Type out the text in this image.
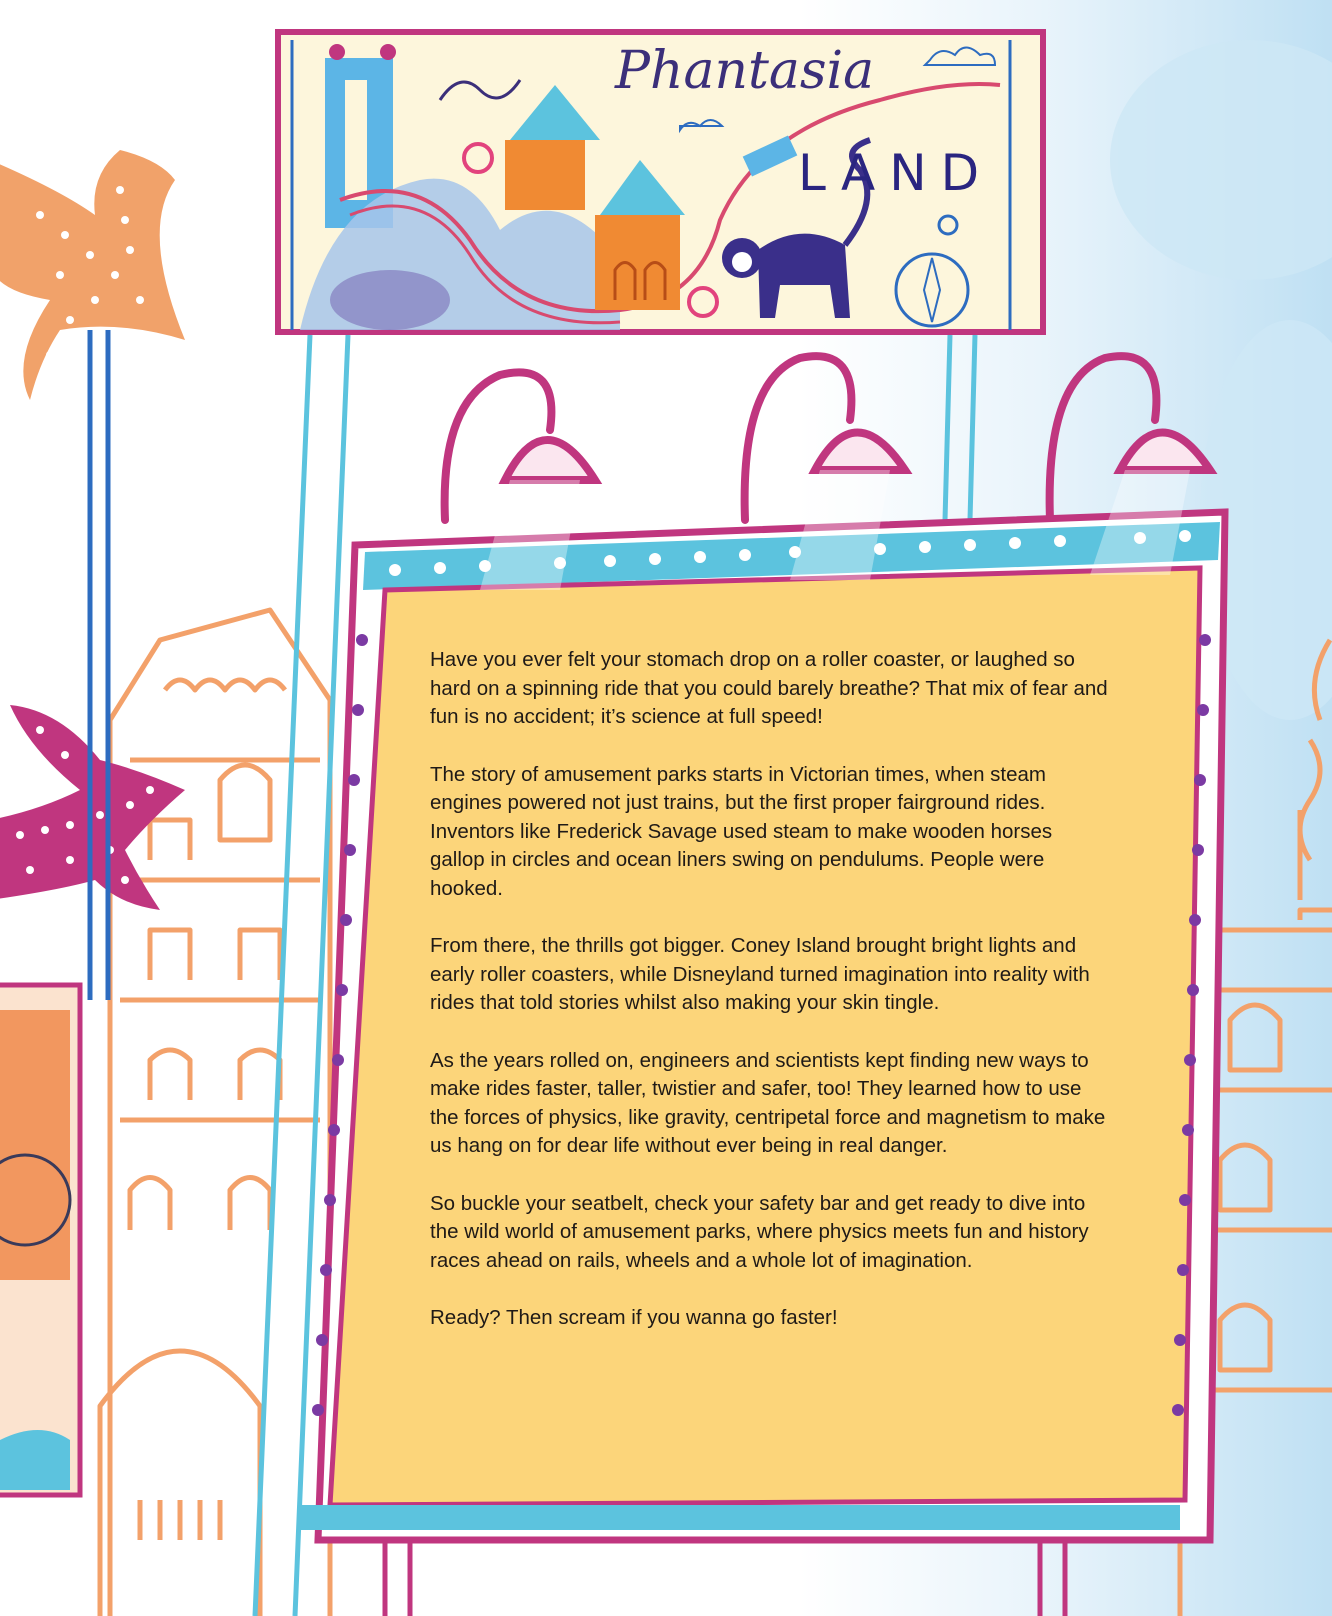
Phantasia
LAND

Have you ever felt your stomach drop on a roller coaster, or laughed so hard on a spinning ride that you could barely breathe? That mix of fear and fun is no accident; it’s science at full speed!

The story of amusement parks starts in Victorian times, when steam engines powered not just trains, but the first proper fairground rides. Inventors like Frederick Savage used steam to make wooden horses gallop in circles and ocean liners swing on pendulums. People were hooked.

From there, the thrills got bigger. Coney Island brought bright lights and early roller coasters, while Disneyland turned imagination into reality with rides that told stories whilst also making your skin tingle.

As the years rolled on, engineers and scientists kept finding new ways to make rides faster, taller, twistier and safer, too! They learned how to use the forces of physics, like gravity, centripetal force and magnetism to make us hang on for dear life without ever being in real danger.

So buckle your seatbelt, check your safety bar and get ready to dive into the wild world of amusement parks, where physics meets fun and history races ahead on rails, wheels and a whole lot of imagination.

Ready? Then scream if you wanna go faster!
